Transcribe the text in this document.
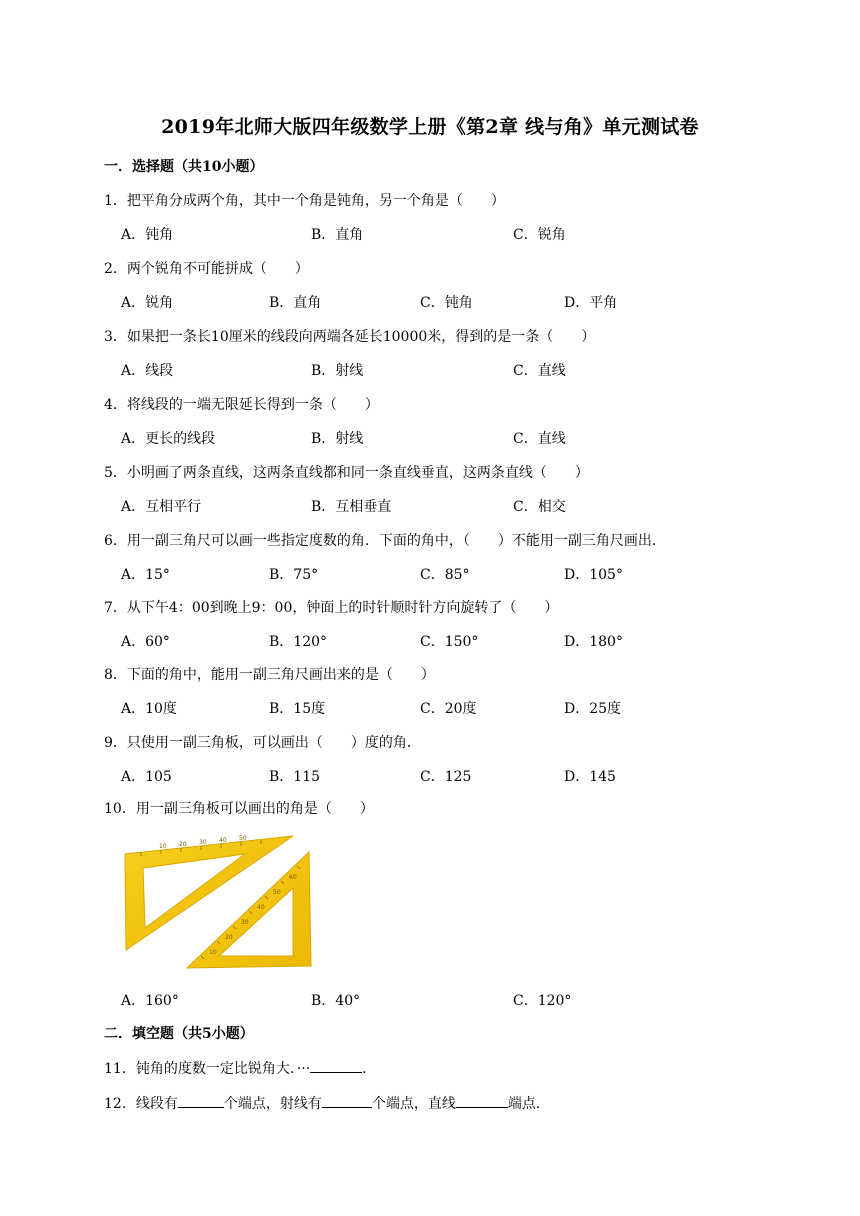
2019年北师大版四年级数学上册《第2章 线与角》单元测试卷
一．选择题（共10小题）
1．把平角分成两个角，其中一个角是钝角，另一个角是（　　）
A．钝角	B．直角	C．锐角
2．两个锐角不可能拼成（　　）
A．锐角	B．直角	C．钝角	D．平角
3．如果把一条长10厘米的线段向两端各延长10000米，得到的是一条（　　）
A．线段	B．射线	C．直线
4．将线段的一端无限延长得到一条（　　）
A．更长的线段	B．射线	C．直线
5．小明画了两条直线，这两条直线都和同一条直线垂直，这两条直线（　　）
A．互相平行	B．互相垂直	C．相交
6．用一副三角尺可以画一些指定度数的角．下面的角中，（　　）不能用一副三角尺画出．
A．15°	B．75°	C．85°	D．105°
7．从下午4：00到晚上9：00，钟面上的时针顺时针方向旋转了（　　）
A．60°	B．120°	C．150°	D．180°
8．下面的角中，能用一副三角尺画出来的是（　　）
A．10度	B．15度	C．20度	D．25度
9．只使用一副三角板，可以画出（　　）度的角．
A．105	B．115	C．125	D．145
10．用一副三角板可以画出的角是（　　）
10 20 30 40 50
10
20
30
40
50
60
A．160°	B．40°	C．120°
二．填空题（共5小题）
11．钝角的度数一定比锐角大．···	．
12．线段有	个端点，射线有	个端点，直线	端点．
